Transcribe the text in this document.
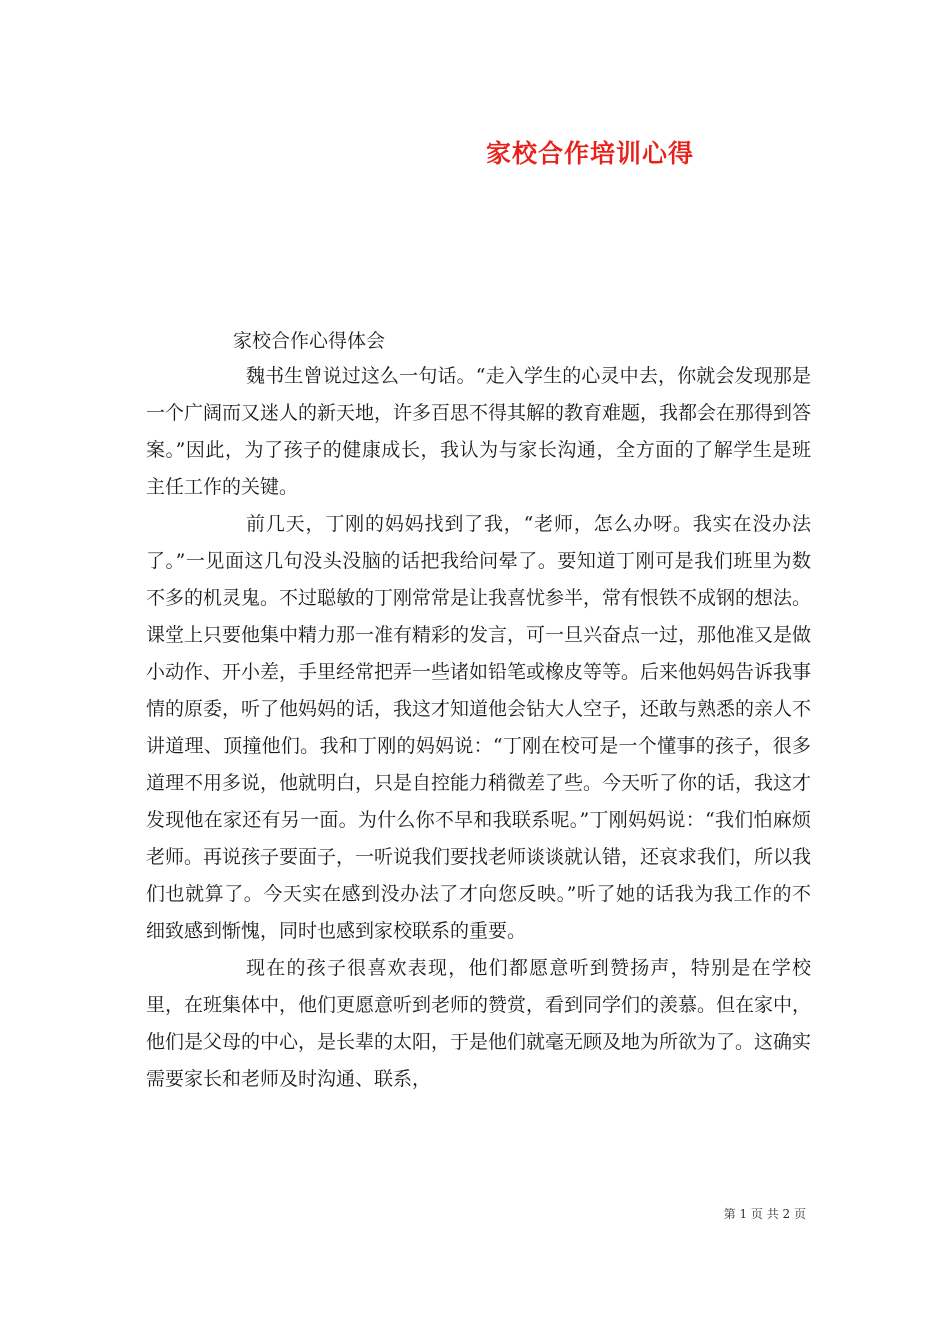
家校合作培训心得
家校合作心得体会

魏书生曾说过这么一句话。“走入学生的心灵中去，你就会发现那是一个广阔而又迷人的新天地，许多百思不得其解的教育难题，我都会在那得到答案。”因此，为了孩子的健康成长，我认为与家长沟通，全方面的了解学生是班主任工作的关键。

前几天，丁刚的妈妈找到了我，“老师，怎么办呀。我实在没办法了。”一见面这几句没头没脑的话把我给问晕了。要知道丁刚可是我们班里为数不多的机灵鬼。不过聪敏的丁刚常常是让我喜忧参半，常有恨铁不成钢的想法。课堂上只要他集中精力那一准有精彩的发言，可一旦兴奋点一过，那他准又是做小动作、开小差，手里经常把弄一些诸如铅笔或橡皮等等。后来他妈妈告诉我事情的原委，听了他妈妈的话，我这才知道他会钻大人空子，还敢与熟悉的亲人不讲道理、顶撞他们。我和丁刚的妈妈说：“丁刚在校可是一个懂事的孩子，很多道理不用多说，他就明白，只是自控能力稍微差了些。今天听了你的话，我这才发现他在家还有另一面。为什么你不早和我联系呢。”丁刚妈妈说：“我们怕麻烦老师。再说孩子要面子，一听说我们要找老师谈谈就认错，还哀求我们，所以我们也就算了。今天实在感到没办法了才向您反映。”听了她的话我为我工作的不细致感到惭愧，同时也感到家校联系的重要。

现在的孩子很喜欢表现，他们都愿意听到赞扬声，特别是在学校里，在班集体中，他们更愿意听到老师的赞赏，看到同学们的羡慕。但在家中，他们是父母的中心，是长辈的太阳，于是他们就毫无顾及地为所欲为了。这确实需要家长和老师及时沟通、联系，

第 1 页 共 2 页
